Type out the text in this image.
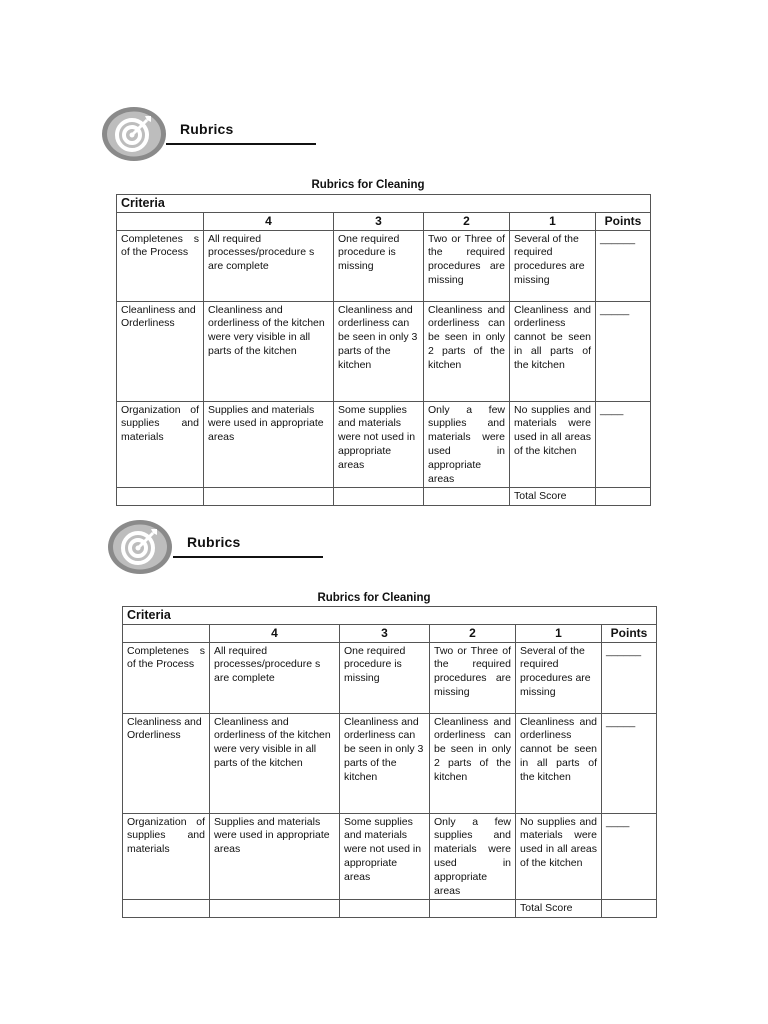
Rubrics
Rubrics for Cleaning
Criteria					
	4	3	2	1	Points
Completenes s of the Process	All required processes/procedure s are complete	One required procedure is missing	Two or Three of the required procedures are missing	Several of the required procedures are missing	______
Cleanliness and Orderliness	Cleanliness and orderliness of the kitchen were very visible in all parts of the kitchen	Cleanliness and orderliness can be seen in only 3 parts of the kitchen	Cleanliness and orderliness can be seen in only 2 parts of the kitchen	Cleanliness and orderliness cannot be seen in all parts of the kitchen	_____
Organization of supplies and materials	Supplies and materials were used in appropriate areas	Some supplies and materials were not used in appropriate areas	Only a few supplies and materials were used in appropriate areas	No supplies and materials were used in all areas of the kitchen	____
				Total Score	
Rubrics
Rubrics for Cleaning
Criteria					
	4	3	2	1	Points
Completenes s of the Process	All required processes/procedure s are complete	One required procedure is missing	Two or Three of the required procedures are missing	Several of the required procedures are missing	______
Cleanliness and Orderliness	Cleanliness and orderliness of the kitchen were very visible in all parts of the kitchen	Cleanliness and orderliness can be seen in only 3 parts of the kitchen	Cleanliness and orderliness can be seen in only 2 parts of the kitchen	Cleanliness and orderliness cannot be seen in all parts of the kitchen	_____
Organization of supplies and materials	Supplies and materials were used in appropriate areas	Some supplies and materials were not used in appropriate areas	Only a few supplies and materials were used in appropriate areas	No supplies and materials were used in all areas of the kitchen	____
				Total Score	
